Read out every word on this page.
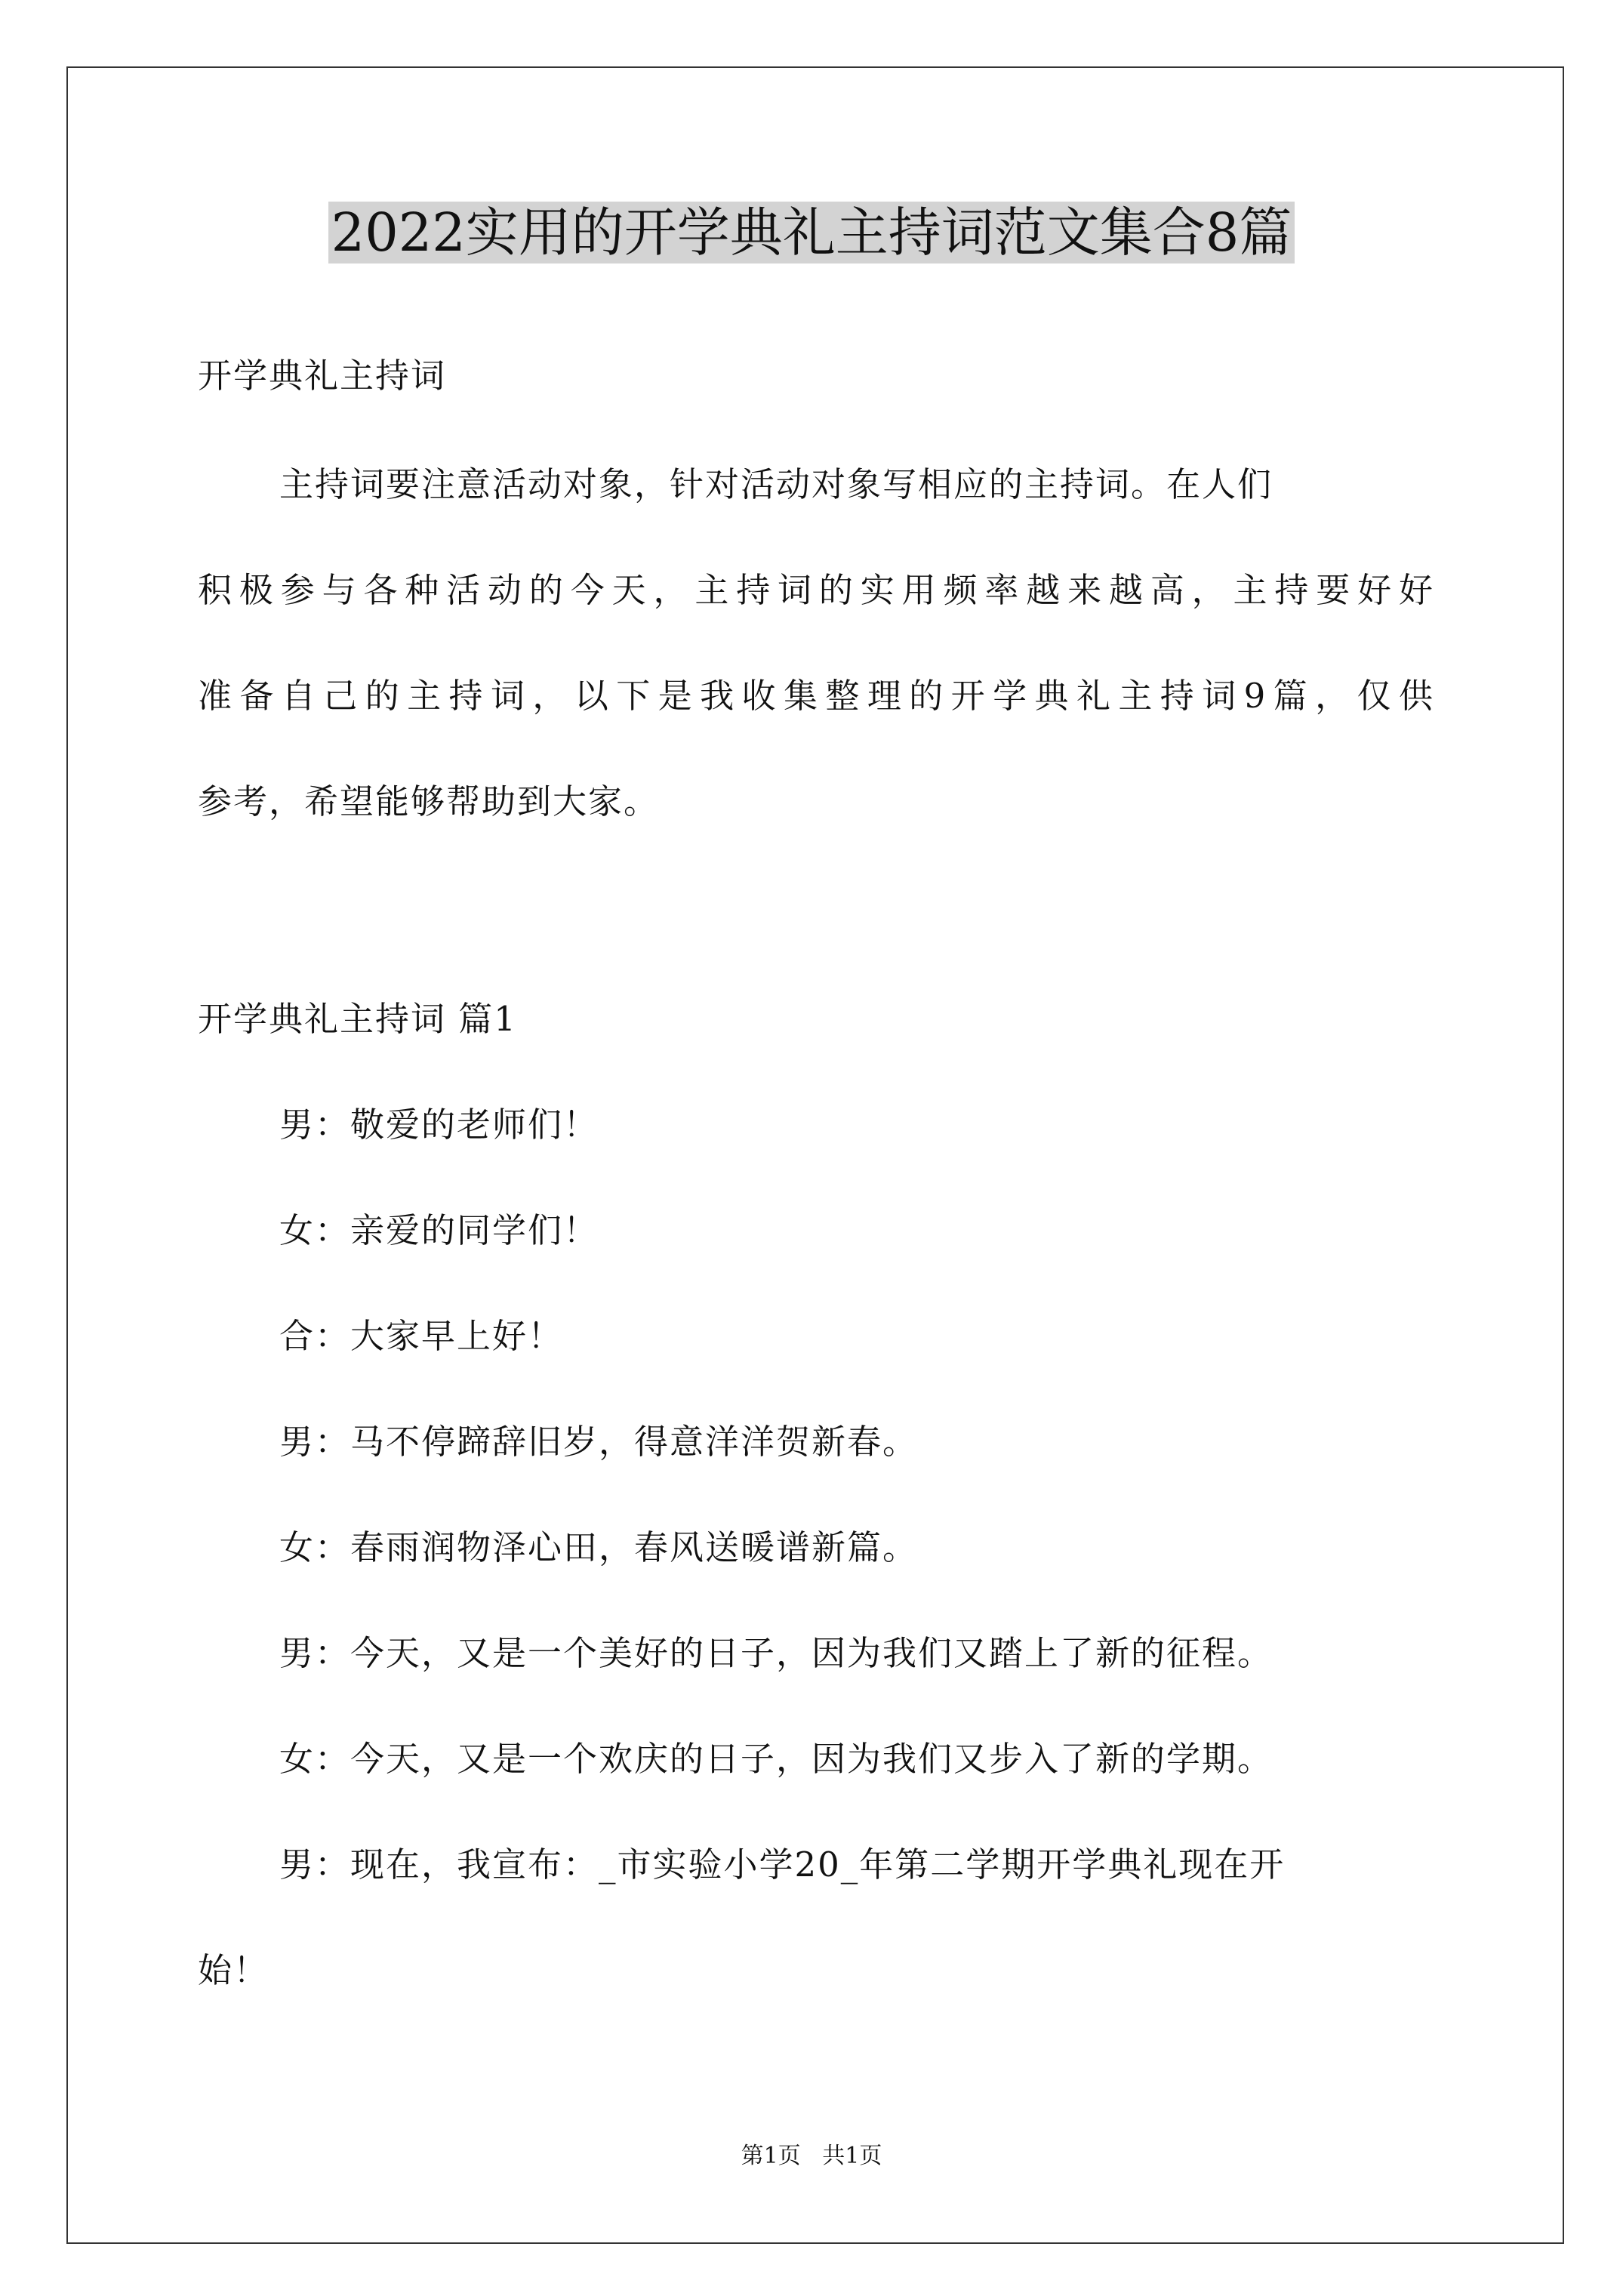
2022实用的开学典礼主持词范文集合8篇

开学典礼主持词

主持词要注意活动对象，针对活动对象写相应的主持词。在人们

积极参与各种活动的今天，主持词的实用频率越来越高，主持要好好

准备自己的主持词，以下是我收集整理的开学典礼主持词9篇，仅供

参考，希望能够帮助到大家。

开学典礼主持词 篇1

男：敬爱的老师们！

女：亲爱的同学们！

合：大家早上好！

男：马不停蹄辞旧岁，得意洋洋贺新春。

女：春雨润物泽心田，春风送暖谱新篇。

男：今天，又是一个美好的日子，因为我们又踏上了新的征程。

女：今天，又是一个欢庆的日子，因为我们又步入了新的学期。

男：现在，我宣布：_市实验小学20_年第二学期开学典礼现在开

始！

第1页   共1页
